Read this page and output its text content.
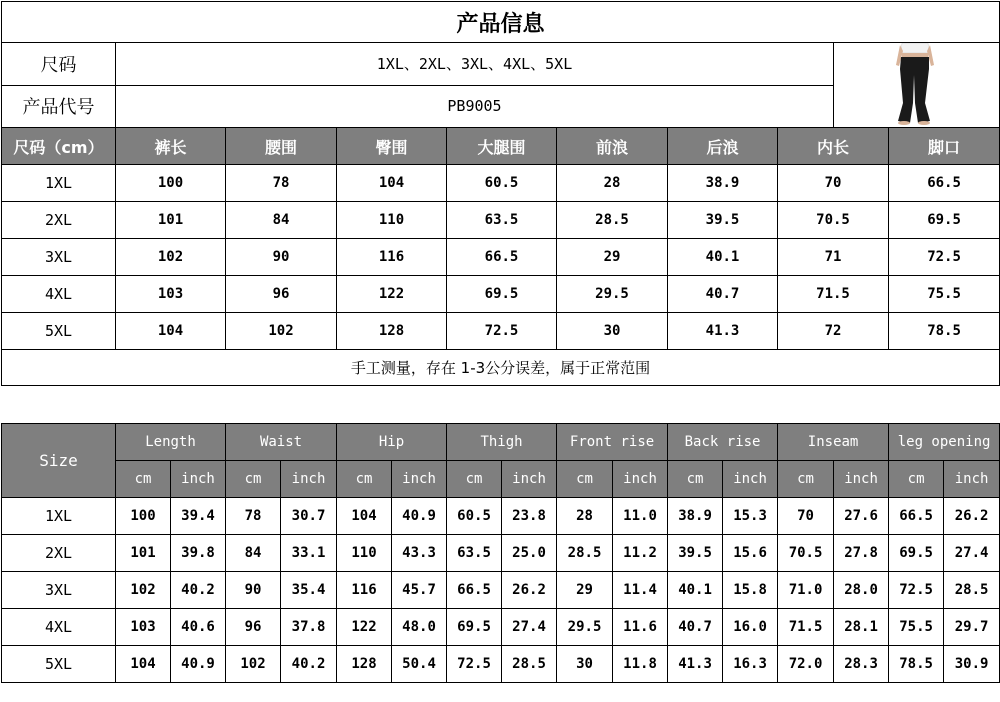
产品信息									
尺码	1XL、2XL、3XL、4XL、5XL	

产品代号	PB9005								
尺码（cm）	裤长	腰围	臀围	大腿围	前浪	后浪	内长		脚口
1XL	100	78	104	60.5	28	38.9	70		66.5
2XL	101	84	110	63.5	28.5	39.5	70.5		69.5
3XL	102	90	116	66.5	29	40.1	71		72.5
4XL	103	96	122	69.5	29.5	40.7	71.5		75.5
5XL	104	102	128	72.5	30	41.3	72		78.5
手工测量，存在 1-3公分误差，属于正常范围									
Size	Length		Waist		Hip		Thigh		Front rise		Back rise		Inseam		leg opening	
	cm	inch	cm	inch	cm	inch	cm	inch	cm	inch	cm	inch	cm	inch	cm	inch
1XL	100	39.4	78	30.7	104	40.9	60.5	23.8	28	11.0	38.9	15.3	70	27.6	66.5	26.2
2XL	101	39.8	84	33.1	110	43.3	63.5	25.0	28.5	11.2	39.5	15.6	70.5	27.8	69.5	27.4
3XL	102	40.2	90	35.4	116	45.7	66.5	26.2	29	11.4	40.1	15.8	71.0	28.0	72.5	28.5
4XL	103	40.6	96	37.8	122	48.0	69.5	27.4	29.5	11.6	40.7	16.0	71.5	28.1	75.5	29.7
5XL	104	40.9	102	40.2	128	50.4	72.5	28.5	30	11.8	41.3	16.3	72.0	28.3	78.5	30.9
